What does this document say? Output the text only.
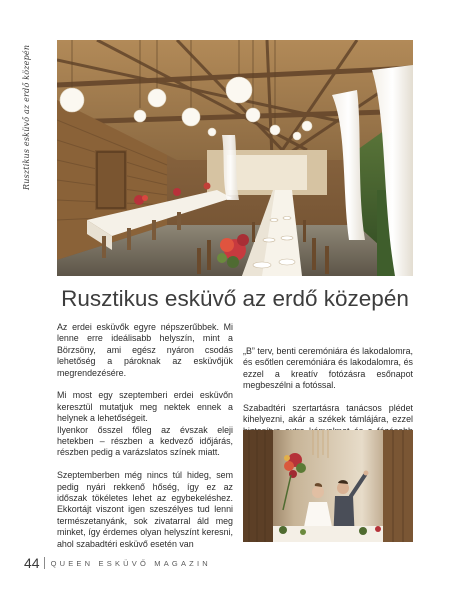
Rusztikus esküvő az erdő közepén
Rusztikus esküvő az erdő közepén

Az erdei esküvők egyre népszerűbbek. Mi lenne erre ideálisabb helyszín, mint a Börzsöny, ami egész nyáron csodás lehetőség a pároknak az esküvőjük megrendezésére.

Mi most egy szeptemberi erdei esküvőn keresztül mutatjuk meg nektek ennek a helynek a lehetőségeit.

Ilyenkor ősszel főleg az évszak eleji hetekben – részben a kedvező időjárás, részben pedig a varázslatos színek miatt.

Szeptemberben még nincs túl hideg, sem pedig nyári rekkenő hőség, így ez az időszak tökéletes lehet az egybekeléshez. Ekkortájt viszont igen szeszélyes tud lenni természetanyánk, sok zivatarral áld meg minket, így érdemes olyan helyszínt keresni, ahol szabadtéri esküvő esetén van

„B” terv, benti ceremóniára és lakodalomra, és esőtlen ceremóniára és lakodalomra, és ezzel a kreatív fotózásra esőnapot megbeszélni a fotóssal.

Szabadtéri szertartásra tanácsos plédet kihelyezni, akár a székek támlájára, ezzel

44 QUEEN ESKÜVŐ MAGAZIN
